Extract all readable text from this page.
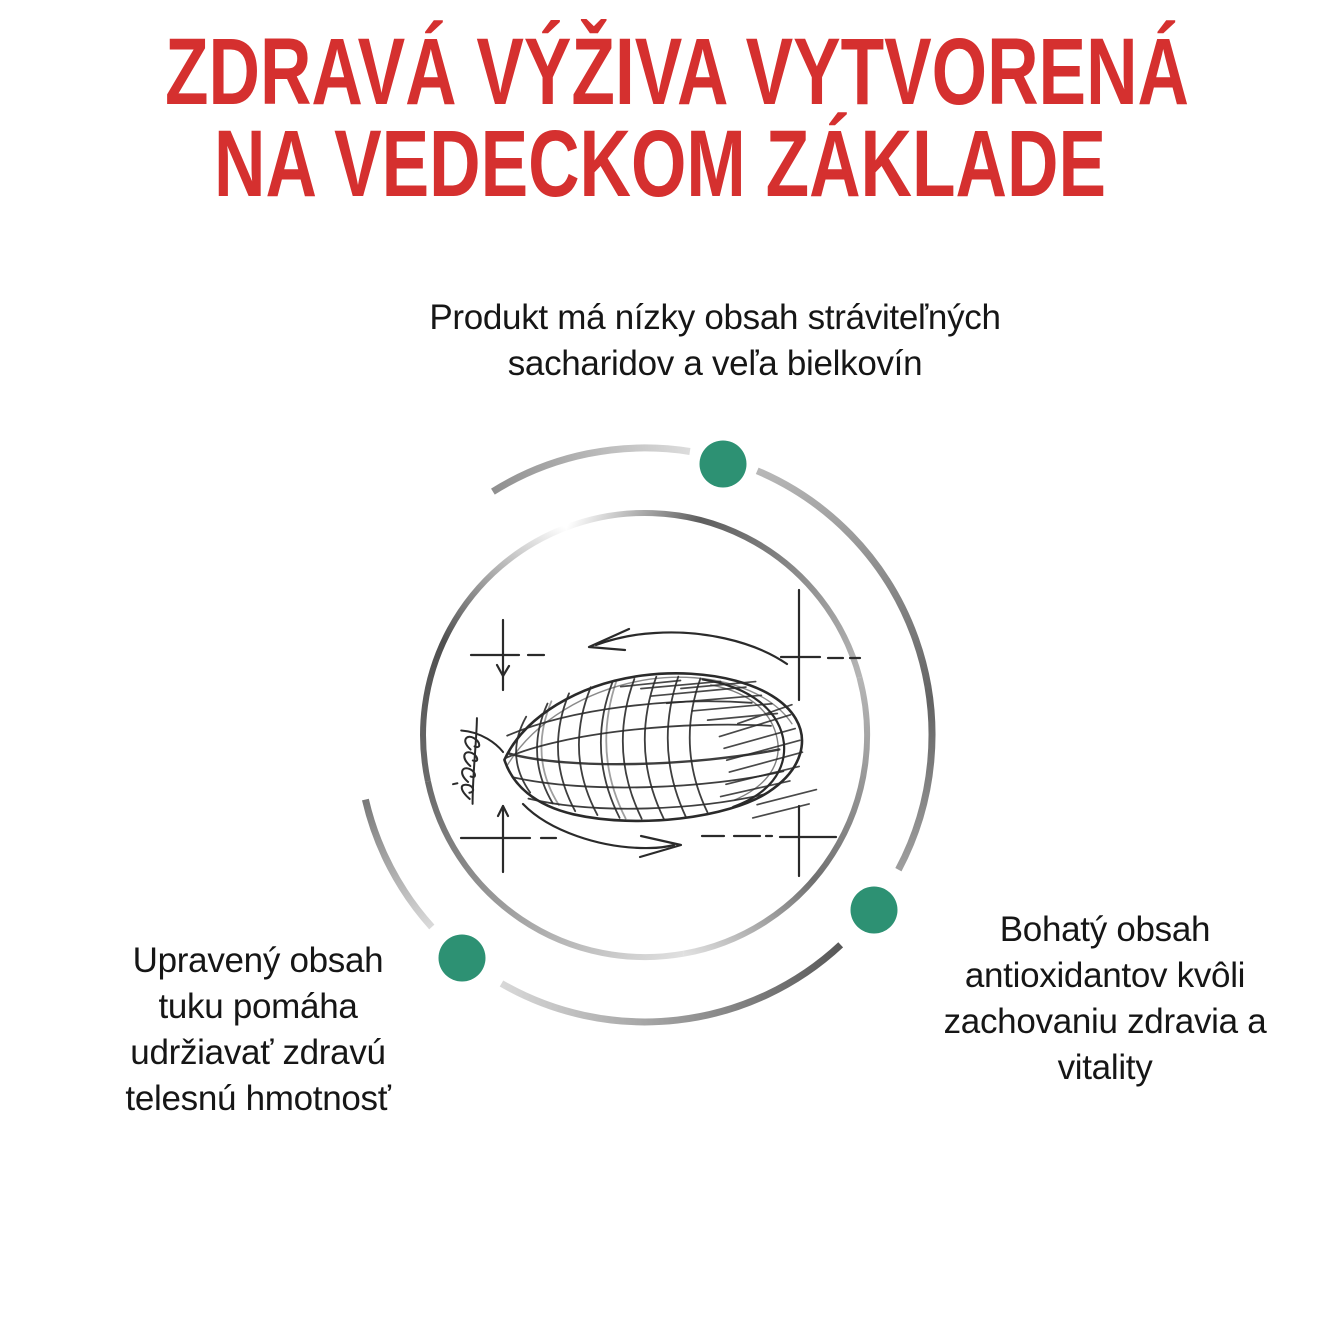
ZDRAVÁ VÝŽIVA VYTVORENÁ
NA VEDECKOM ZÁKLADE
Produkt má nízky obsah stráviteľných
sacharidov a veľa bielkovín
Upravený obsah
tuku pomáha
udržiavať zdravú
telesnú hmotnosť
Bohatý obsah
antioxidantov kvôli
zachovaniu zdravia a
vitality
